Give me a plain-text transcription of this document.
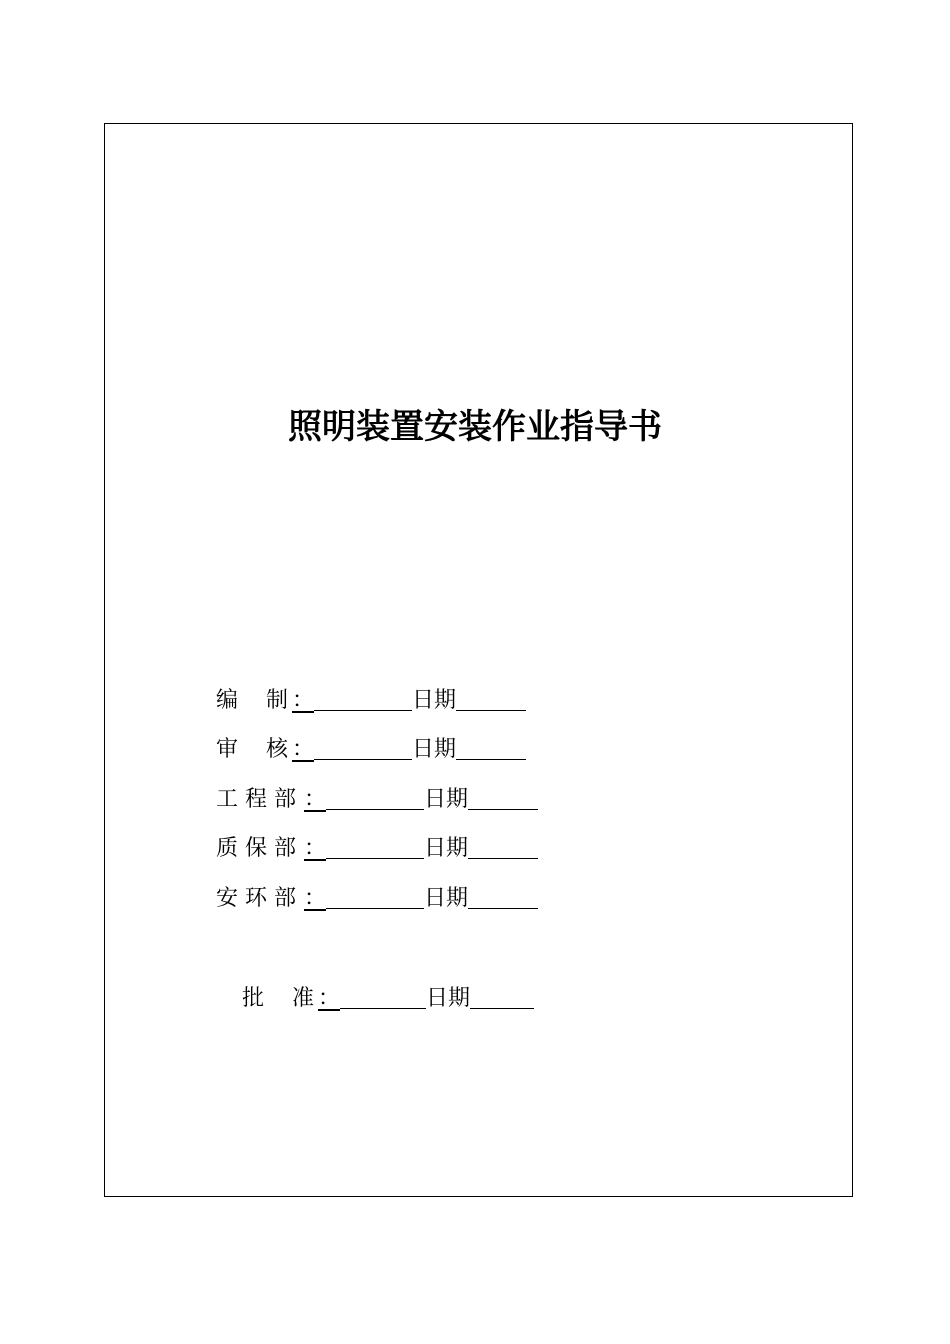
照明装置安装作业指导书
编    制 ：	日期
审    核 ：	日期
工 程 部 ：	日期
质 保 部 ：	日期
安 环 部 ：	日期
批    准 ：	日期
